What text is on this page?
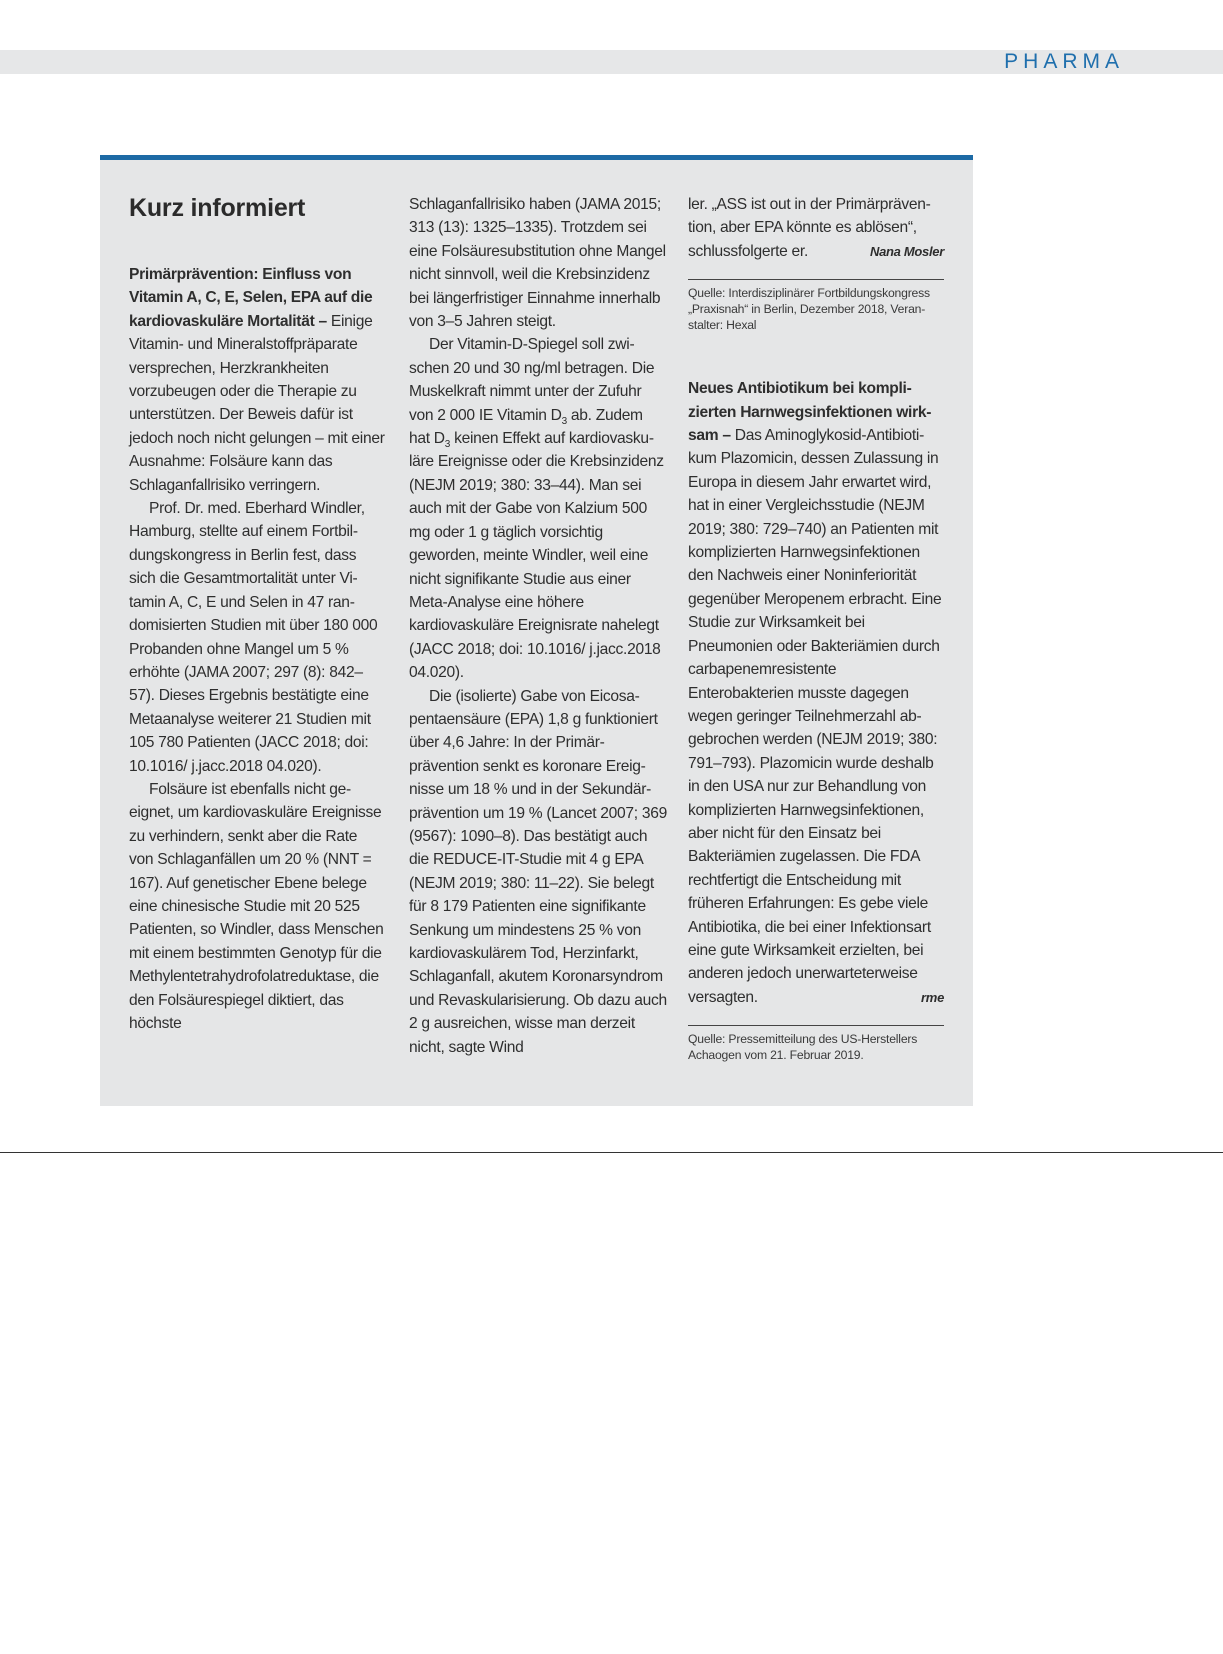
PHARMA
Kurz informiert

Primärprävention: Einfluss von Vitamin A, C, E, Selen, EPA auf die kardiovaskuläre Mortalität – Einige Vitamin- und Mineralstoffpräparate versprechen, Herzkrankheiten vorzubeugen oder die Therapie zu unterstützen. Der Beweis dafür ist jedoch noch nicht gelungen – mit einer Ausnahme: Folsäure kann das Schlaganfallrisiko verringern.

Prof. Dr. med. Eberhard Windler, Hamburg, stellte auf einem Fortbildungskongress in Berlin fest, dass sich die Gesamtmortalität unter Vitamin A, C, E und Selen in 47 randomisierten Studien mit über 180 000 Probanden ohne Mangel um 5 % erhöhte (JAMA 2007; 297 (8): 842–57). Dieses Ergebnis bestätigte eine Metaanalyse weiterer 21 Studien mit 105 780 Patienten (JACC 2018; doi: 10.1016/ j.jacc.2018 04.020).

Folsäure ist ebenfalls nicht geeignet, um kardiovaskuläre Ereignisse zu verhindern, senkt aber die Rate von Schlaganfällen um 20 % (NNT = 167). Auf genetischer Ebene belege eine chinesische Studie mit 20 525 Patienten, so Windler, dass Menschen mit einem bestimmten Genotyp für die Methylentetrahydrofolatreduktase, die den Folsäurespiegel diktiert, das höchste

Schlaganfallrisiko haben (JAMA 2015; 313 (13): 1325–1335). Trotzdem sei eine Folsäuresubstitution ohne Mangel nicht sinnvoll, weil die Krebsinzidenz bei längerfristiger Einnahme innerhalb von 3–5 Jahren steigt.

Der Vitamin-D-Spiegel soll zwischen 20 und 30 ng/ml betragen. Die Muskelkraft nimmt unter der Zufuhr von 2 000 IE Vitamin $D_3$ ab. Zudem hat $D_3$ keinen Effekt auf kardiovaskuläre Ereignisse oder die Krebsinzidenz (NEJM 2019; 380: 33–44). Man sei auch mit der Gabe von Kalzium 500 mg oder 1 g täglich vorsichtig geworden, meinte Windler, weil eine nicht signifikante Studie aus einer Meta-Analyse eine höhere kardiovaskuläre Ereignisrate nahelegt (JACC 2018; doi: 10.1016/ j.jacc.2018 04.020).

Die (isolierte) Gabe von Eicosapentaensäure (EPA) 1,8 g funktioniert über 4,6 Jahre: In der Primärprävention senkt es koronare Ereignisse um 18 % und in der Sekundärprävention um 19 % (Lancet 2007; 369 (9567): 1090–8). Das bestätigt auch die REDUCE-IT-Studie mit 4 g EPA (NEJM 2019; 380: 11–22). Sie belegt für 8 179 Patienten eine signifikante Senkung um mindestens 25 % von kardiovaskulärem Tod, Herzinfarkt, Schlaganfall, akutem Koronarsyndrom und Revaskularisierung. Ob dazu auch 2 g ausreichen, wisse man derzeit nicht, sagte Wind

ler. „ASS ist out in der Primärprävention, aber EPA könnte es ablösen“, schlussfolgerte er.	Nana Mosler

Quelle: Interdisziplinärer Fortbildungskongress „Praxisnah“ in Berlin, Dezember 2018, Veranstalter: Hexal

Neues Antibiotikum bei komplizierten Harnwegsinfektionen wirksam – Das Aminoglykosid-Antibiotikum Plazomicin, dessen Zulassung in Europa in diesem Jahr erwartet wird, hat in einer Vergleichsstudie (NEJM 2019; 380: 729–740) an Patienten mit komplizierten Harnwegsinfektionen den Nachweis einer Noninferiorität gegenüber Meropenem erbracht. Eine Studie zur Wirksamkeit bei Pneumonien oder Bakteriämien durch carbapenemresistente Enterobakterien musste dagegen wegen geringer Teilnehmerzahl abgebrochen werden (NEJM 2019; 380: 791–793). Plazomicin wurde deshalb in den USA nur zur Behandlung von komplizierten Harnwegsinfektionen, aber nicht für den Einsatz bei Bakteriämien zugelassen. Die FDA rechtfertigt die Entscheidung mit früheren Erfahrungen: Es gebe viele Antibiotika, die bei einer Infektionsart eine gute Wirksamkeit erzielten, bei anderen jedoch unerwarteterweise versagten.	rme

Quelle: Pressemitteilung des US-Herstellers Achaogen vom 21. Februar 2019.
